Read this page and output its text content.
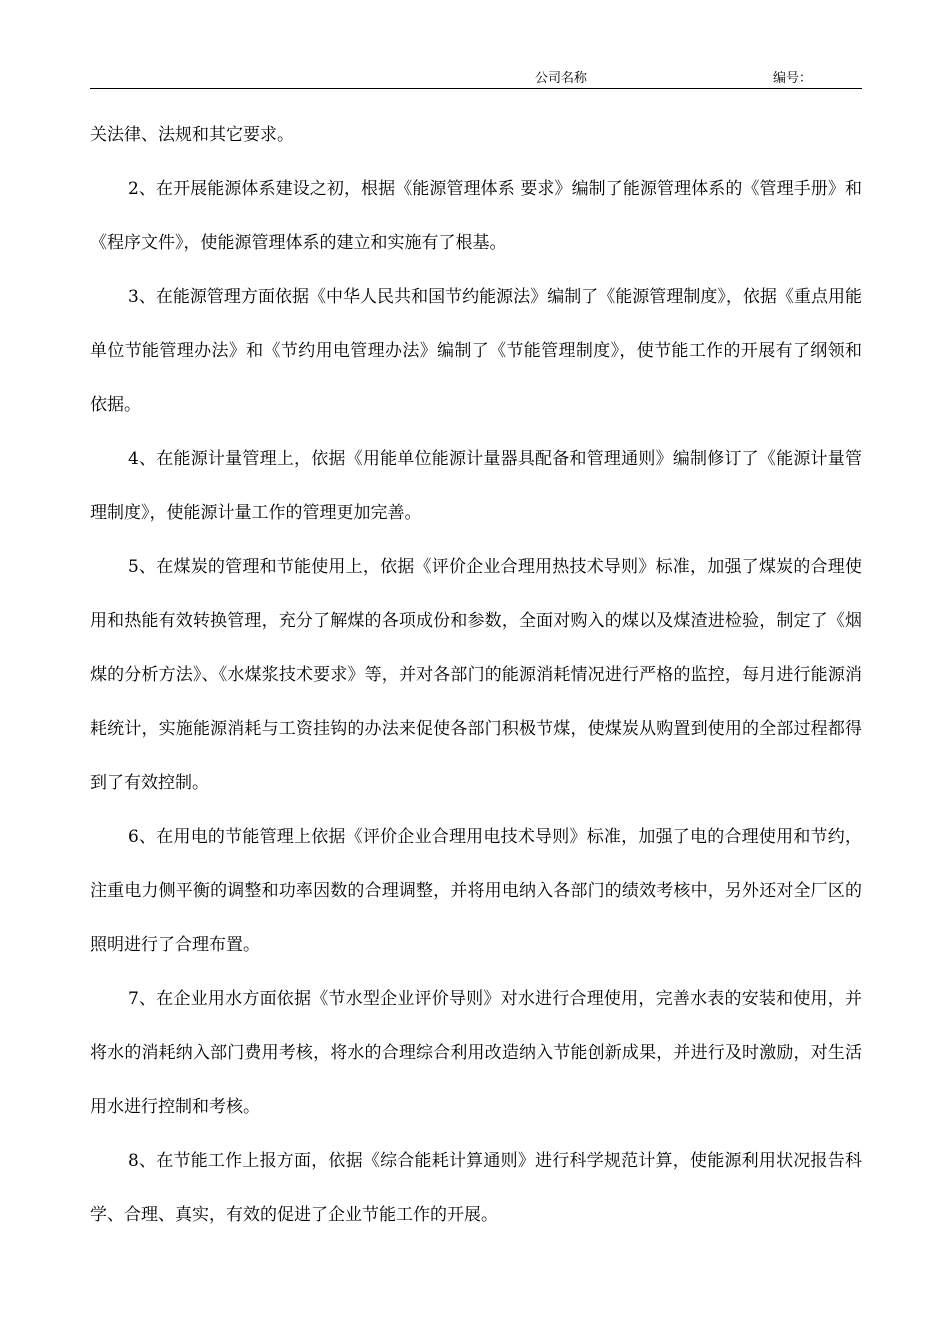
公司名称	编号：

关法律、法规和其它要求。

2、在开展能源体系建设之初，根据《能源管理体系 要求》编制了能源管理体系的《管理手册》和《程序文件》，使能源管理体系的建立和实施有了根基。

3、在能源管理方面依据《中华人民共和国节约能源法》编制了《能源管理制度》，依据《重点用能单位节能管理办法》和《节约用电管理办法》编制了《节能管理制度》，使节能工作的开展有了纲领和依据。

4、在能源计量管理上，依据《用能单位能源计量器具配备和管理通则》编制修订了《能源计量管理制度》，使能源计量工作的管理更加完善。

5、在煤炭的管理和节能使用上，依据《评价企业合理用热技术导则》标准，加强了煤炭的合理使用和热能有效转换管理，充分了解煤的各项成份和参数，全面对购入的煤以及煤渣进检验，制定了《烟煤的分析方法》、《水煤浆技术要求》等，并对各部门的能源消耗情况进行严格的监控，每月进行能源消耗统计，实施能源消耗与工资挂钩的办法来促使各部门积极节煤，使煤炭从购置到使用的全部过程都得到了有效控制。

6、在用电的节能管理上依据《评价企业合理用电技术导则》标准，加强了电的合理使用和节约，注重电力侧平衡的调整和功率因数的合理调整，并将用电纳入各部门的绩效考核中，另外还对全厂区的照明进行了合理布置。

7、在企业用水方面依据《节水型企业评价导则》对水进行合理使用，完善水表的安装和使用，并将水的消耗纳入部门费用考核，将水的合理综合利用改造纳入节能创新成果，并进行及时激励，对生活用水进行控制和考核。

8、在节能工作上报方面，依据《综合能耗计算通则》进行科学规范计算，使能源利用状况报告科学、合理、真实，有效的促进了企业节能工作的开展。
